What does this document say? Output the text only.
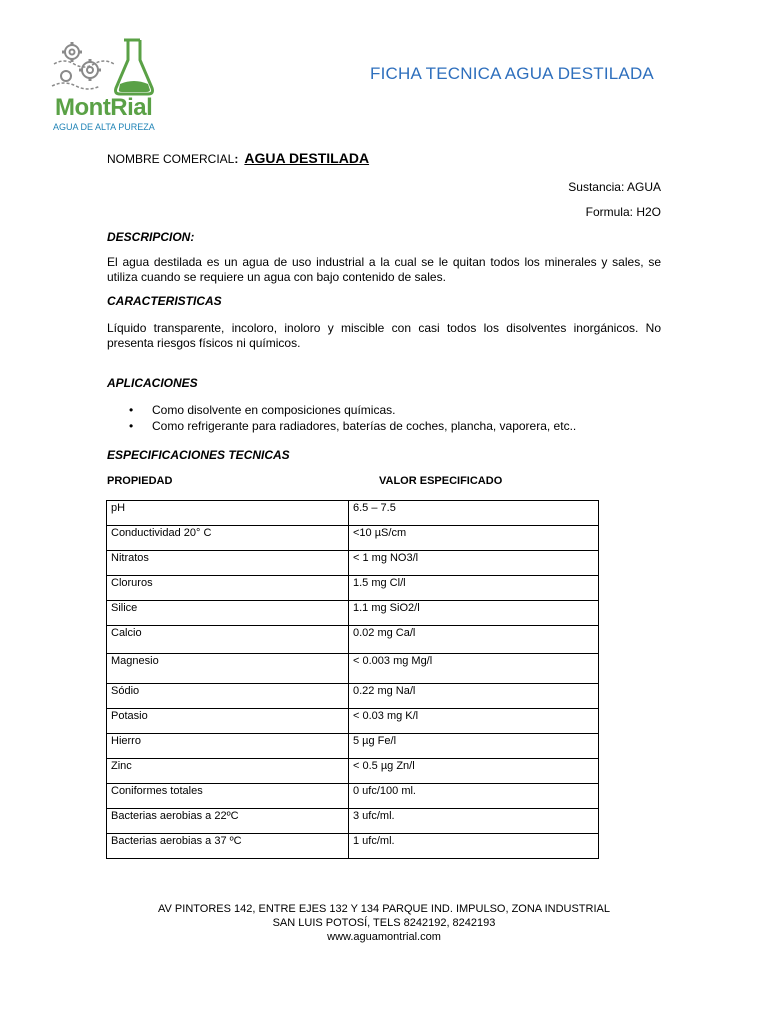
MontRial
AGUA DE ALTA PUREZA
FICHA TECNICA AGUA DESTILADA
NOMBRE COMERCIAL: AGUA DESTILADA
Sustancia: AGUA
Formula: H2O
DESCRIPCION:
El agua destilada es un agua de uso industrial a la cual se le quitan todos los minerales y sales, se utiliza cuando se requiere un agua con bajo contenido de sales.
CARACTERISTICAS
Líquido transparente, incoloro, inoloro y miscible con casi todos los disolventes inorgánicos. No presenta riesgos físicos ni químicos.
APLICACIONES
• Como disolvente en composiciones químicas.
• Como refrigerante para radiadores, baterías de coches, plancha, vaporera, etc..
ESPECIFICACIONES TECNICAS
PROPIEDAD	VALOR ESPECIFICADO
pH	6.5 – 7.5
Conductividad 20° C	<10 µS/cm
Nitratos	< 1 mg NO3/l
Cloruros	1.5 mg Cl/l
Silice	1.1 mg SiO2/l
Calcio	0.02 mg Ca/l
Magnesio	< 0.003 mg Mg/l
Sódio	0.22 mg Na/l
Potasio	< 0.03 mg K/l
Hierro	5 µg Fe/l
Zinc	< 0.5 µg Zn/l
Coniformes totales	0 ufc/100 ml.
Bacterias aerobias a 22ºC	3 ufc/ml.
Bacterias aerobias a 37 ºC	1 ufc/ml.
AV PINTORES 142, ENTRE EJES 132 Y 134 PARQUE IND. IMPULSO, ZONA INDUSTRIAL
SAN LUIS POTOSÍ, TELS 8242192, 8242193
www.aguamontrial.com
